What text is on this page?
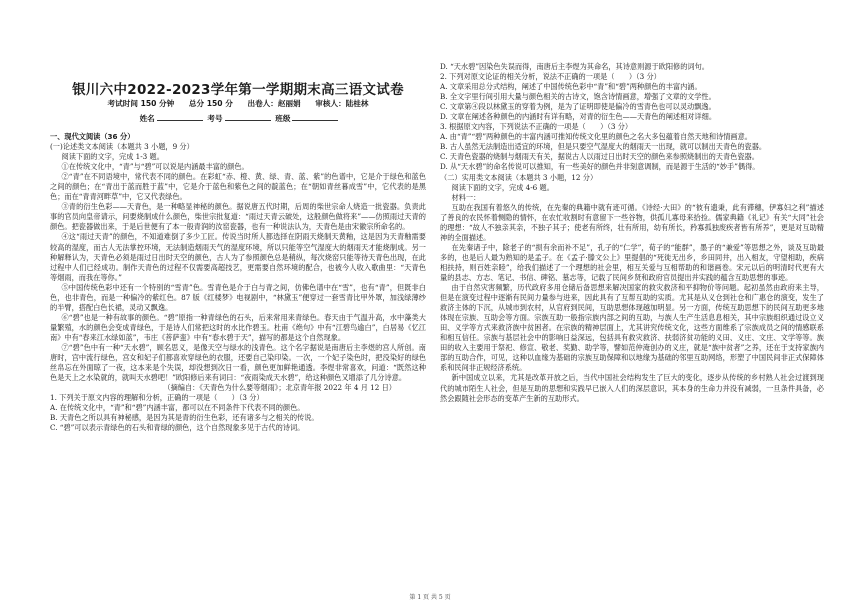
银川六中2022-2023学年第一学期期末高三语文试卷
考试时间 150 分钟 总分 150 分 出卷人：赵丽娟 审核人：陆桂林
姓名	考号	班级

一、现代文阅读（36 分）

(一)论述类文本阅读（本题共 3 小题，9 分）

阅读下面的文字，完成 1-3 题。

①在传统文化中，“青”与“碧”可以说是内涵最丰富的颜色。

②“青”在不同语境中，常代表不同的颜色。在彩虹“赤、橙、黄、绿、青、蓝、紫”的色谱中，它是介于绿色和蓝色之间的颜色；在“青出于蓝而胜于蓝”中，它是介于蓝色和紫色之间的靛蓝色；在“朝如青丝暮成雪”中，它代表的是黑色；而在“青青河畔草”中，它又代表绿色。

③青的衍生色彩——天青色，是一种略显神秘的颜色。据说唐五代时期，后周的柴世宗命人烧造一批瓷器。负责此事的官员向皇帝请示，问要烧制成什么颜色，柴世宗批复道：“雨过天青云破处，这般颜色做将来”——仿照雨过天青的颜色。把瓷器做出来，于是后世便有了本一般青润的汝窑瓷器，也有一种说法认为，天青色是由宋徽宗所命名的。

④这“雨过天青”的颜色，不知道难倒了多少工匠。传说当时所人都选择在阴雨天烧制天黄釉，这是因为天青釉需要较高的湿度，而古人无法掌控环境，无法制造烟雨天气的湿度环境，所以只能等空气湿度大的烟雨天才能烧制成。另一种解释认为，天青色必须是雨过日出时天空的颜色，古人为了参照颜色总是稍纵，每次烧窑只能等待天青色出现，在此过程中人们已经成功。制作天青色的过程不仅需要高超技艺，更需要自然环境的配合，也被今人收入歌曲里：“天青色等烟雨，而我在等你。”

⑤中国传统色彩中还有一个特别的“雪青”色。雪青色是介于白与青之间，仿佛色谱中在“雪”，也有“青”，但既非白色，也非青色，而是一种偏冷的紫红色。87 版《红楼梦》电视剧中，“林黛玉”便穿过一套雪青比甲外罩，加浅绿薄纱的半臂，搭配白色长裙，灵动又飘逸。

⑥“碧”也是一种有故事的颜色。“碧”原指一种青绿色的石头，后来常用来青绿色。春天由于气温升高，水中藻类大量繁殖，水的颜色会变成青绿色，于是诗人们常把这时的水比作碧玉。杜甫《绝句》中有“江碧鸟逾白”，白居易《忆江南》中有“春来江水绿如蓝”，韦庄《菩萨蛮》中有“春水碧于天”，描写的都是这个自然现象。

⑦“碧”色中有一种“天水碧”，顾名思义，是像天空与绿水的浅青色。这个名字据说是南唐后主李煜的宫人所创。南唐时，宫中流行绿色，宫女和妃子们都喜欢穿绿色的衣服，还要自己染印染。一次，一个妃子染色时，把没染好的绿色丝帛忘在外面晾了一夜，这本来是个失误，却没想到次日一看，颜色更加鲜艳通透。李煜非常喜欢，问道：“既然这种色是天上之水染就的，就叫天水碧吧！”欧阳修后来有词曰：“夜雨染成天水碧”，给这种颜色又增添了几分诗意。

（摘编自：《天青色为什么要等烟雨》；北京青年报 2022 年 4 月 12 日）

1. 下列关于原文内容的理解和分析，正确的一项是（　　）（3 分）

A. 在传统文化中，“青”和“碧”内涵丰富，都可以在不同条件下代表不同的颜色。

B. 天青色之所以具有神秘感，是因为其是青的衍生色彩，还有诸多与之相关的传说。

C. “碧”可以表示青绿色的石头和青绿的颜色，这个自然现象多见于古代的诗词。

D. “天水碧”因染色失误而得，南唐后主李煜为其命名，其诗意则源于欧阳修的词句。

2. 下列对原文论证的相关分析，说法不正确的一项是（　　）（3 分）

A. 文章采用总分式结构，阐述了中国传统色彩中“青”和“碧”两种颜色的丰富内涵。

B. 全文字里行间引用大量与颜色相关的古诗文，饱含诗情画意，增强了文章的文学性。

C. 文章第④段以林黛玉的穿着为例，是为了证明即使是偏冷的雪青色也可以灵动飘逸。

D. 文章在阐述各种颜色的内涵时有详有略，对青的衍生色——天青色的阐述相对详细。

3. 根据原文内容，下列说法不正确的一项是（　　）（3 分）

A. 由“青”“碧”两种颜色的丰富内涵可推知传统文化里的颜色之名大多包蕴着自然天地和诗情画意。

B. 古人虽然无法制造出适宜的环境，但是只要空气湿度大的烟雨天一出现，就可以制出天青色的瓷器。

C. 天青色瓷器的烧制与烟雨天有关，据说古人以雨过日出时天空的颜色来参照烧制出的天青色瓷器。

D. 从“天水碧”的命名传说可以推知，有一些美好的颜色并非刻意调制，而是源于生活的“妙手”偶得。

（二）实用类文本阅读（本题共 3 小题，12 分）

阅读下面的文字，完成 4-6 题。

材料一：

互助在我国有着悠久的传统，在先秦的典籍中就有迹可循。《诗经·大田》的“彼有遗秉，此有滞穗，伊寡妇之利”描述了善良的农民怀着恻隐的情怀，在农忙收割时有意留下一些谷物，供孤儿寡母来拾捡。儒家典籍《礼记》有关“大同”社会的理想：“故人不独亲其亲，不独子其子；使老有所终，壮有所用，幼有所长，矜寡孤独废疾者皆有所养”，更是对互助精神的全面描述。

在先秦诸子中，除老子的“损有余而补不足”，孔子的“仁学”，荀子的“能群”，墨子的“兼爱”等思想之外，谈及互助最多的，也是后人最为熟知的是孟子。在《孟子·滕文公上》里提倡的“死徙无出乡，乡田同井，出入相友，守望相助，疾病相扶持，则百姓亲睦”，给我们描述了一个理想的社会里，相互关爱与互相帮助的和谐画卷。宋元以后的明清时代更有大量的县志、方志、笔记、书信、碑铭、墓志等，记载了民间乡贤和政府官员提出并实践的蕴含互助思想的事迹。

由于自然灾害频繁，历代政府多用仓储后备思想来解决国家的救灾救济和平抑物价等问题。起初虽然由政府来主导，但是在演变过程中逐渐有民间力量参与进来，因此具有了互帮互助的实质。尤其是从义仓到社仓和广惠仓的演变，发生了救济主体的下沉，从城市到农村，从官府到民间，互助思想体现越加明显。另一方面，传统互助思想下的民间互助更多地体现在宗族、互助会等方面。宗族互助一般指宗族内部之间的互助，与族人生产生活息息相关，其中宗族组织通过设立义田、义学等方式来救济族中贫困者。在宗族的精神层面上，尤其讲究传统文化，这些方面维系了宗族成员之间的情感联系和相互信任。宗族与基层社会中的影响日益深远，包括具有救灾救济、扶弱济贫功能的义田、义庄、文庄、文学等等。族田的收入主要用于祭祀、修宣、敬老、奖勤、助学等，譬如范仲淹创办的义庄，就是“族中贫者”之养，还在于支持家族内部的互助合作，可见，这种以血缘为基础的宗族互助保障和以地缘为基础的邻里互助网络，形塑了中国民间非正式保障体系和民间非正规经济系统。

新中国成立以来，尤其是改革开放之后，当代中国社会结构发生了巨大的变化，逐步从传统的乡村熟人社会过渡到现代的城市陌生人社会，但是互助的思想和实践早已嵌入人们的深层意识，其本身的生命力并没有减弱，一旦条件具备，必然会跟随社会形态的变革产生新的互助形式。

第 1 页 共 5 页
